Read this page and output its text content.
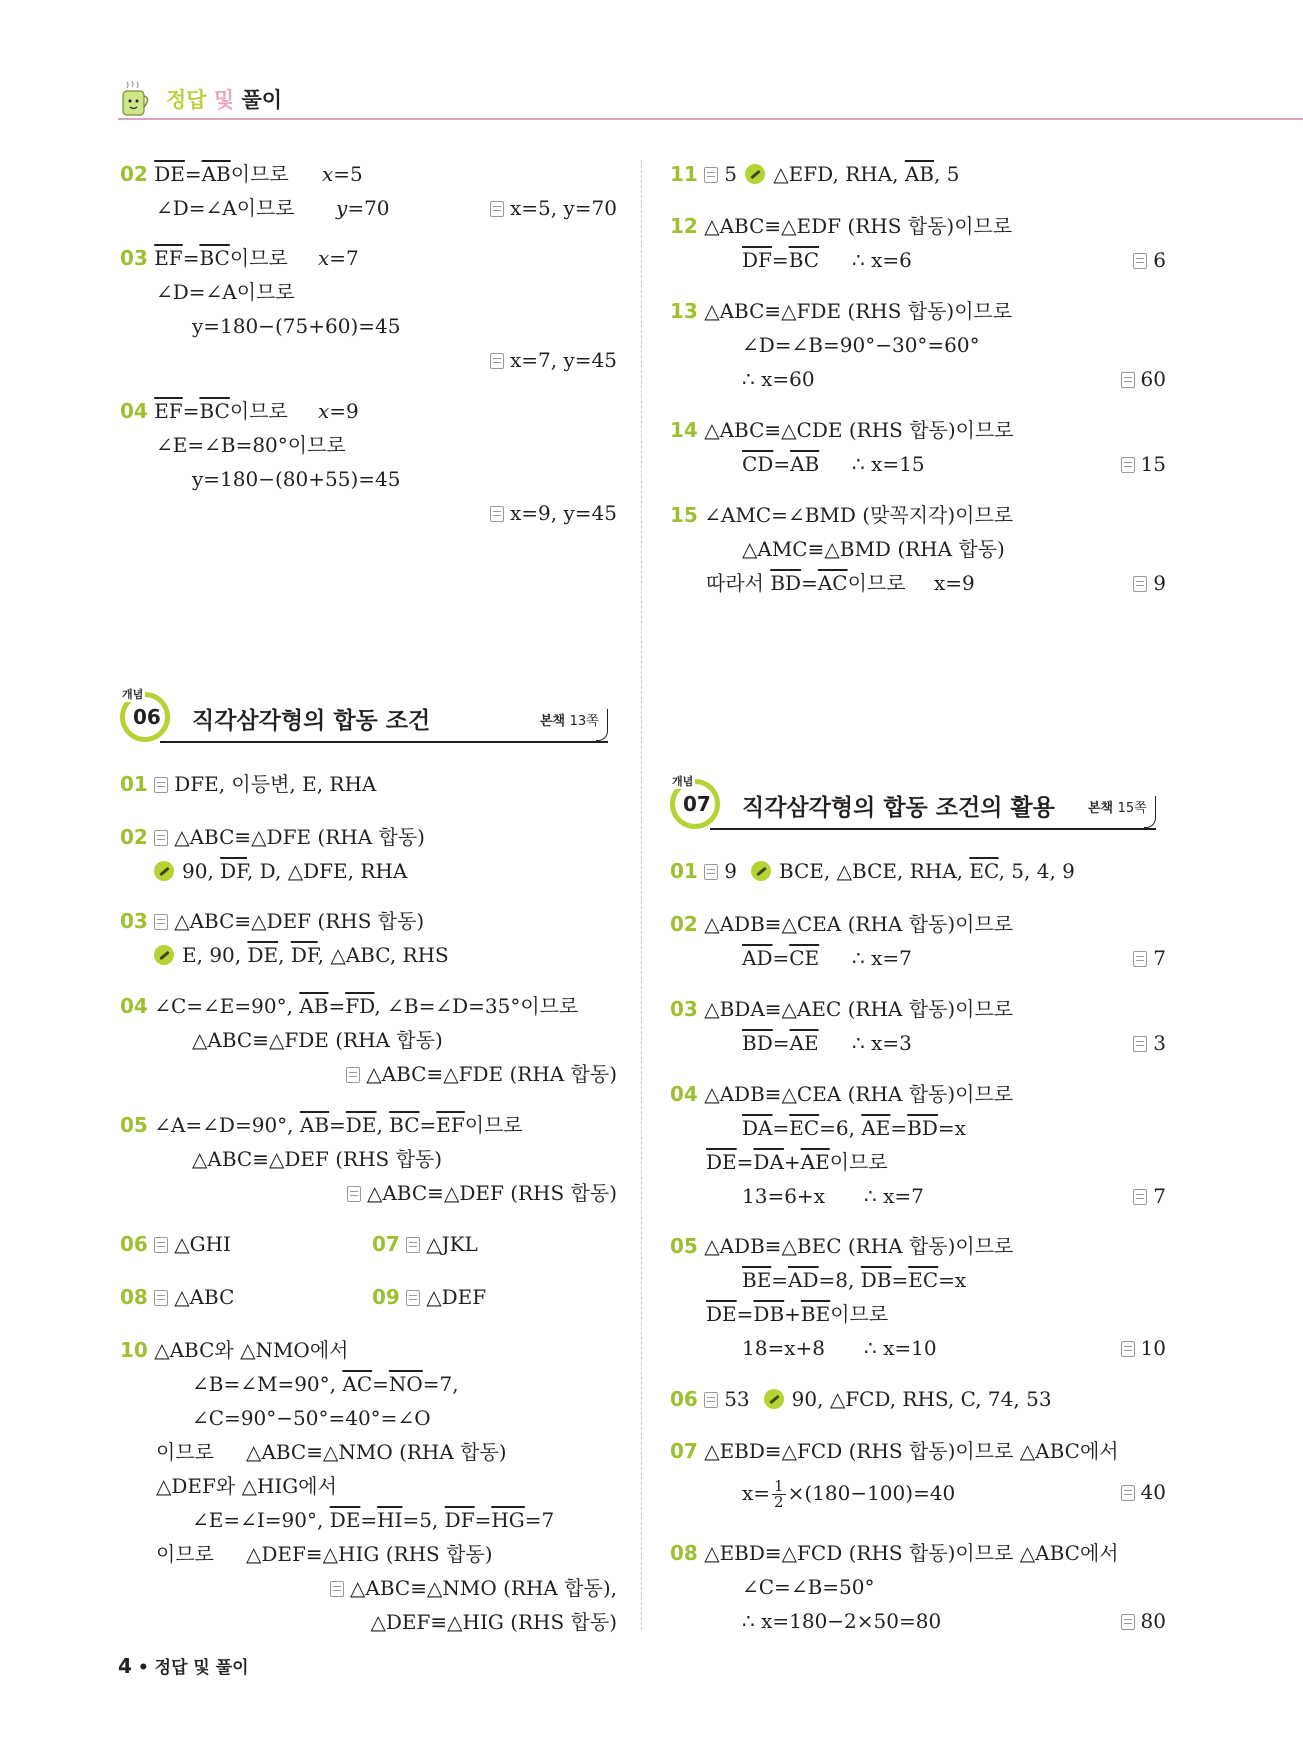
정답 및 풀이
02 $\overline{DE}=\overline{AB}$이므로 x=5
∠D=∠A이므로 y=70	x=5, y=70
03 $\overline{EF}=\overline{BC}$이므로 x=7
∠D=∠A이므로
y=180−(75+60)=45
x=7, y=45
04 $\overline{EF}=\overline{BC}$이므로 x=9
∠E=∠B=80°이므로
y=180−(80+55)=45
x=9, y=45
11 5 △EFD, RHA, $\overline{AB}$, 5
12 △ABC≡△EDF (RHS 합동)이므로
$\overline{DF}=\overline{BC}$ ∴ x=6	6
13 △ABC≡△FDE (RHS 합동)이므로
∠D=∠B=90°−30°=60°
∴ x=60	60
14 △ABC≡△CDE (RHS 합동)이므로
$\overline{CD}=\overline{AB}$ ∴ x=15	15
15 ∠AMC=∠BMD (맞꼭지각)이므로
△AMC≡△BMD (RHA 합동)
따라서 $\overline{BD}=\overline{AC}$이므로 x=9	9
개념
06 직각삼각형의 합동 조건	본책 13쪽
01 DFE, 이등변, E, RHA
02 △ABC≡△DFE (RHA 합동)
90, $\overline{DF}$, D, △DFE, RHA
03 △ABC≡△DEF (RHS 합동)
E, 90, $\overline{DE}$, $\overline{DF}$, △ABC, RHS
04 ∠C=∠E=90°, $\overline{AB}=\overline{FD}$, ∠B=∠D=35°이므로
△ABC≡△FDE (RHA 합동)
△ABC≡△FDE (RHA 합동)
05 ∠A=∠D=90°, $\overline{AB}=\overline{DE}$, $\overline{BC}=\overline{EF}$이므로
△ABC≡△DEF (RHS 합동)
△ABC≡△DEF (RHS 합동)
06 △GHI	07 △JKL
08 △ABC	09 △DEF
10 △ABC와 △NMO에서
∠B=∠M=90°, $\overline{AC}=\overline{NO}=7$,
∠C=90°−50°=40°=∠O
이므로 △ABC≡△NMO (RHA 합동)
△DEF와 △HIG에서
∠E=∠I=90°, $\overline{DE}=\overline{HI}=5$, $\overline{DF}=\overline{HG}=7$
이므로 △DEF≡△HIG (RHS 합동)
△ABC≡△NMO (RHA 합동),
△DEF≡△HIG (RHS 합동)
개념
07 직각삼각형의 합동 조건의 활용	본책 15쪽
01 9 BCE, △BCE, RHA, $\overline{EC}$, 5, 4, 9
02 △ADB≡△CEA (RHA 합동)이므로
$\overline{AD}=\overline{CE}$ ∴ x=7	7
03 △BDA≡△AEC (RHA 합동)이므로
$\overline{BD}=\overline{AE}$ ∴ x=3	3
04 △ADB≡△CEA (RHA 합동)이므로
$\overline{DA}=\overline{EC}=6$, $\overline{AE}=\overline{BD}=x$
$\overline{DE}=\overline{DA}+\overline{AE}$이므로
13=6+x ∴ x=7	7
05 △ADB≡△BEC (RHA 합동)이므로
$\overline{BE}=\overline{AD}=8$, $\overline{DB}=\overline{EC}=x$
$\overline{DE}=\overline{DB}+\overline{BE}$이므로
18=x+8 ∴ x=10	10
06 53 90, △FCD, RHS, C, 74, 53
07 △EBD≡△FCD (RHS 합동)이므로 △ABC에서
$x= \frac{1}{2} \times(180-100)=40$	40
08 △EBD≡△FCD (RHS 합동)이므로 △ABC에서
∠C=∠B=50°
∴ x=180−2×50=80	80
4 • 정답 및 풀이
